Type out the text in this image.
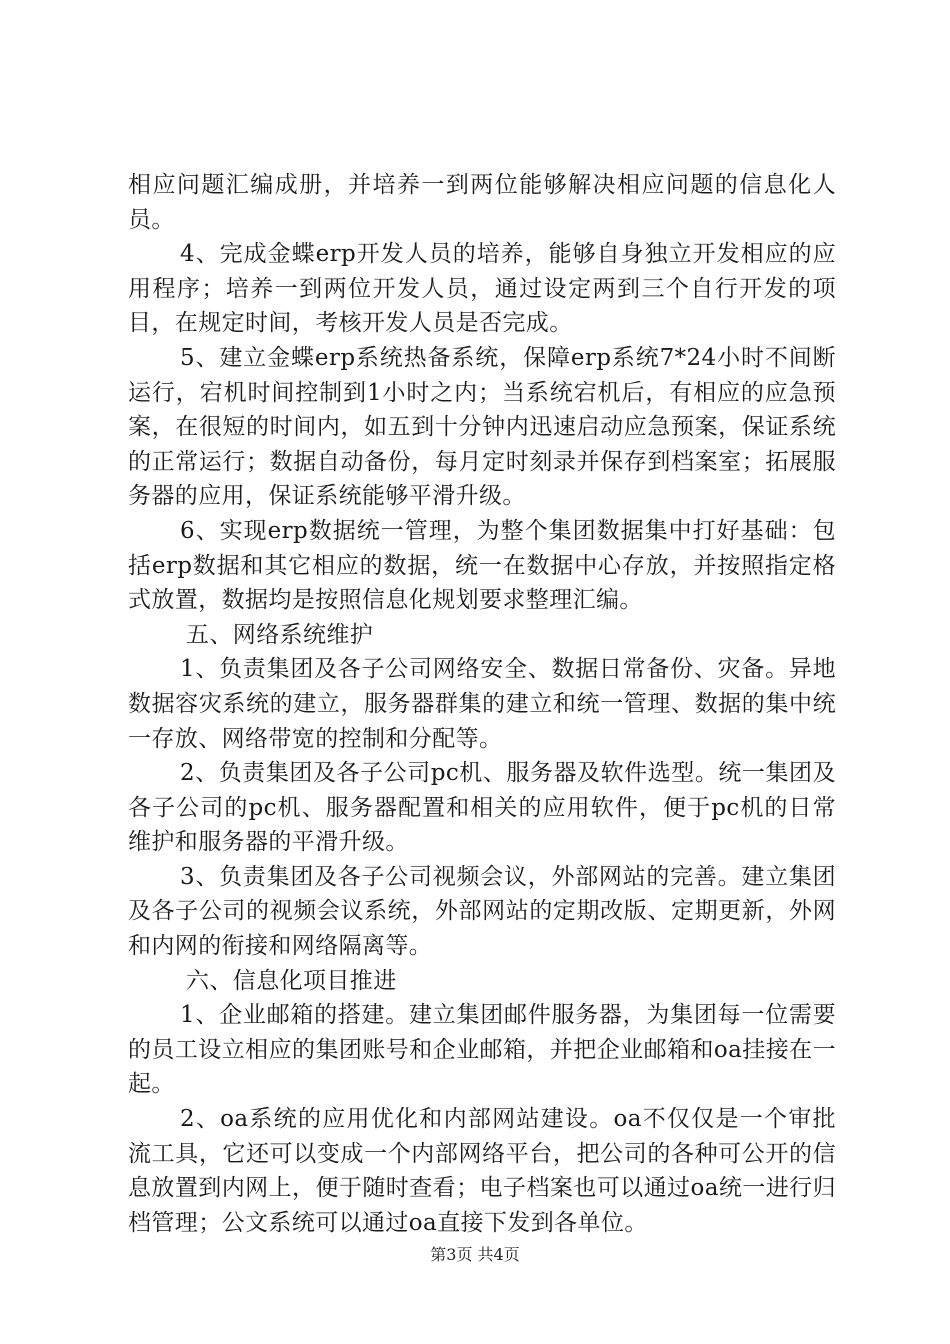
相应问题汇编成册，并培养一到两位能够解决相应问题的信息化人员。

4、完成金蝶erp开发人员的培养，能够自身独立开发相应的应用程序；培养一到两位开发人员，通过设定两到三个自行开发的项目，在规定时间，考核开发人员是否完成。

5、建立金蝶erp系统热备系统，保障erp系统7*24小时不间断运行，宕机时间控制到1小时之内；当系统宕机后，有相应的应急预案，在很短的时间内，如五到十分钟内迅速启动应急预案，保证系统的正常运行；数据自动备份，每月定时刻录并保存到档案室；拓展服务器的应用，保证系统能够平滑升级。

6、实现erp数据统一管理，为整个集团数据集中打好基础：包括erp数据和其它相应的数据，统一在数据中心存放，并按照指定格式放置，数据均是按照信息化规划要求整理汇编。

五、网络系统维护

1、负责集团及各子公司网络安全、数据日常备份、灾备。异地数据容灾系统的建立，服务器群集的建立和统一管理、数据的集中统一存放、网络带宽的控制和分配等。

2、负责集团及各子公司pc机、服务器及软件选型。统一集团及各子公司的pc机、服务器配置和相关的应用软件，便于pc机的日常维护和服务器的平滑升级。

3、负责集团及各子公司视频会议，外部网站的完善。建立集团及各子公司的视频会议系统，外部网站的定期改版、定期更新，外网和内网的衔接和网络隔离等。

六、信息化项目推进

1、企业邮箱的搭建。建立集团邮件服务器，为集团每一位需要的员工设立相应的集团账号和企业邮箱，并把企业邮箱和oa挂接在一起。

2、oa系统的应用优化和内部网站建设。oa不仅仅是一个审批流工具，它还可以变成一个内部网络平台，把公司的各种可公开的信息放置到内网上，便于随时查看；电子档案也可以通过oa统一进行归档管理；公文系统可以通过oa直接下发到各单位。

第3页 共4页
